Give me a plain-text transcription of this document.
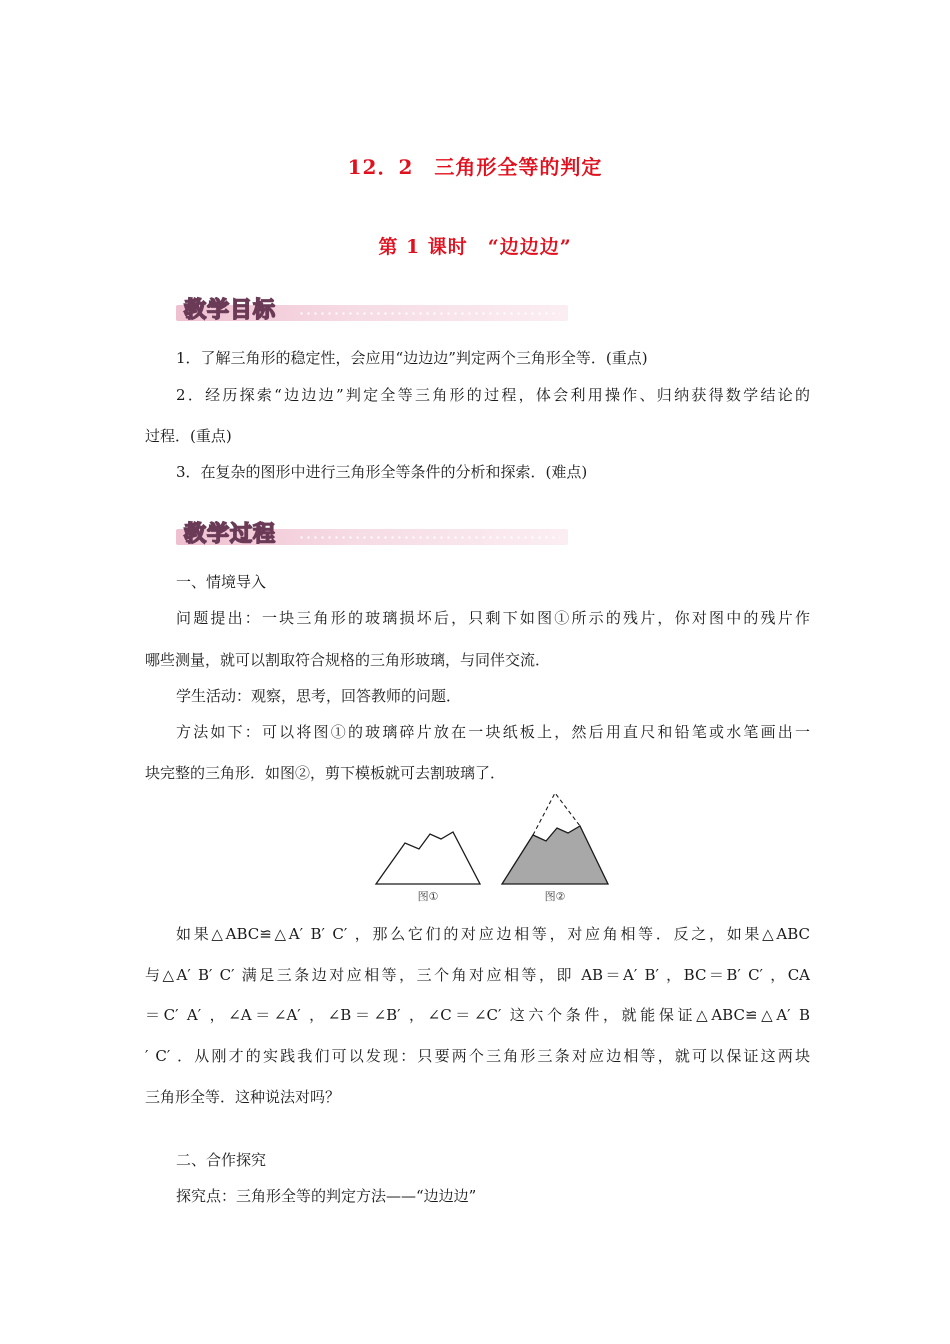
12．2　三角形全等的判定
第 1 课时　“边边边”
教学目标
1．了解三角形的稳定性，会应用“边边边”判定两个三角形全等．(重点)
2．经历探索“边边边”判定全等三角形的过程，体会利用操作、归纳获得数学结论的
过程．(重点)
3．在复杂的图形中进行三角形全等条件的分析和探索．(难点)
教学过程
一、情境导入
问题提出：一块三角形的玻璃损坏后，只剩下如图①所示的残片，你对图中的残片作
哪些测量，就可以割取符合规格的三角形玻璃，与同伴交流．
学生活动：观察，思考，回答教师的问题．
方法如下：可以将图①的玻璃碎片放在一块纸板上，然后用直尺和铅笔或水笔画出一
块完整的三角形．如图②，剪下模板就可去割玻璃了．
图①	图②
如果△ABC≌△A′ B′ C′ ，那么它们的对应边相等，对应角相等．反之，如果△ABC
与△A′ B′ C′ 满足三条边对应相等，三个角对应相等，即 AB＝A′ B′ ，BC＝B′ C′ ，CA
＝C′ A′ ，∠A＝∠A′ ，∠B＝∠B′ ，∠C＝∠C′ 这六个条件，就能保证△ABC≌△A′ B
′ C′ ．从刚才的实践我们可以发现：只要两个三角形三条对应边相等，就可以保证这两块
三角形全等．这种说法对吗？
二、合作探究
探究点：三角形全等的判定方法——“边边边”
